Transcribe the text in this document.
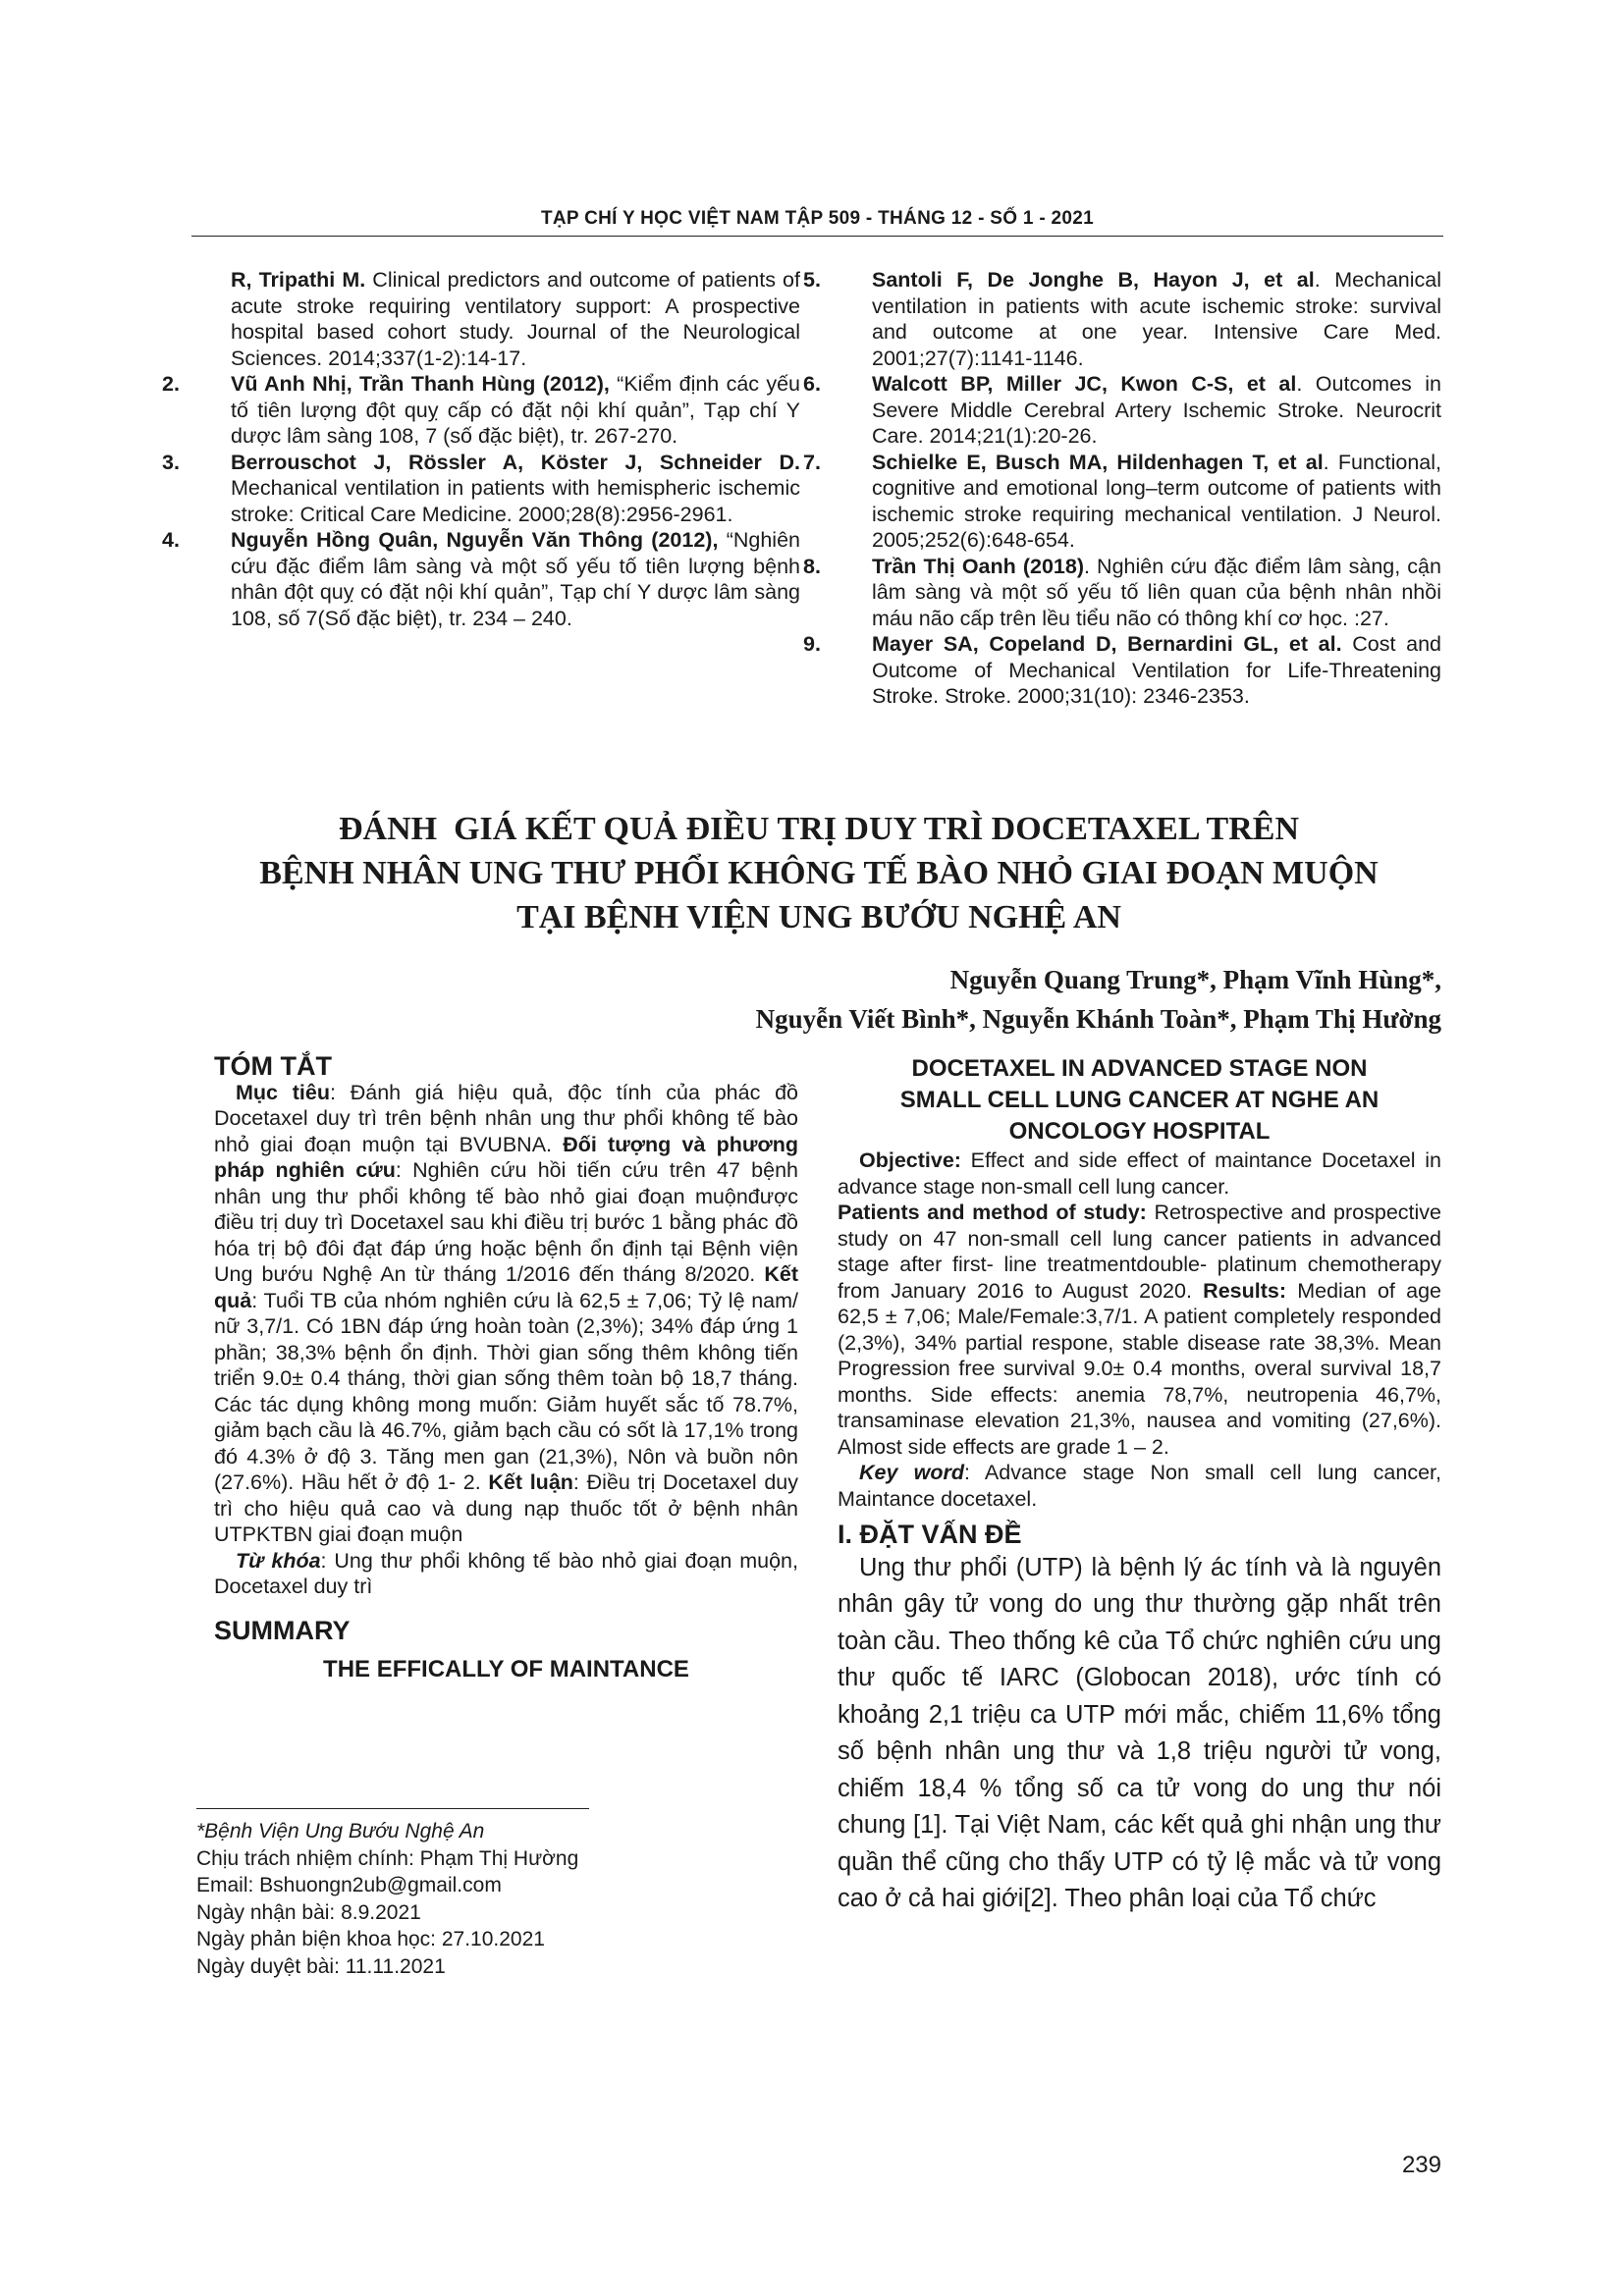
TẠP CHÍ Y HỌC VIỆT NAM TẬP 509 - THÁNG 12 - SỐ 1 - 2021
R, Tripathi M. Clinical predictors and outcome of patients of acute stroke requiring ventilatory support: A prospective hospital based cohort study. Journal of the Neurological Sciences. 2014;337(1-2):14-17.
2. Vũ Anh Nhị, Trần Thanh Hùng (2012), “Kiểm định các yếu tố tiên lượng đột quỵ cấp có đặt nội khí quản”, Tạp chí Y dược lâm sàng 108, 7 (số đặc biệt), tr. 267-270.
3. Berrouschot J, Rössler A, Köster J, Schneider D. Mechanical ventilation in patients with hemispheric ischemic stroke: Critical Care Medicine. 2000;28(8):2956-2961.
4. Nguyễn Hồng Quân, Nguyễn Văn Thông (2012), “Nghiên cứu đặc điểm lâm sàng và một số yếu tố tiên lượng bệnh nhân đột quỵ có đặt nội khí quản”, Tạp chí Y dược lâm sàng 108, số 7(Số đặc biệt), tr. 234 – 240.
5. Santoli F, De Jonghe B, Hayon J, et al. Mechanical ventilation in patients with acute ischemic stroke: survival and outcome at one year. Intensive Care Med. 2001;27(7):1141-1146.
6. Walcott BP, Miller JC, Kwon C-S, et al. Outcomes in Severe Middle Cerebral Artery Ischemic Stroke. Neurocrit Care. 2014;21(1):20-26.
7. Schielke E, Busch MA, Hildenhagen T, et al. Functional, cognitive and emotional long–term outcome of patients with ischemic stroke requiring mechanical ventilation. J Neurol. 2005;252(6):648-654.
8. Trần Thị Oanh (2018). Nghiên cứu đặc điểm lâm sàng, cận lâm sàng và một số yếu tố liên quan của bệnh nhân nhồi máu não cấp trên lều tiểu não có thông khí cơ học. :27.
9. Mayer SA, Copeland D, Bernardini GL, et al. Cost and Outcome of Mechanical Ventilation for Life-Threatening Stroke. Stroke. 2000;31(10): 2346-2353.
ĐÁNH  GIÁ KẾT QUẢ ĐIỀU TRỊ DUY TRÌ DOCETAXEL TRÊN
BỆNH NHÂN UNG THƯ PHỔI KHÔNG TẾ BÀO NHỎ GIAI ĐOẠN MUỘN
TẠI BỆNH VIỆN UNG BƯỚU NGHỆ AN
Nguyễn Quang Trung*, Phạm Vĩnh Hùng*,
Nguyễn Viết Bình*, Nguyễn Khánh Toàn*, Phạm Thị Hường
TÓM TẮT

Mục tiêu: Đánh giá hiệu quả, độc tính của phác đồ Docetaxel duy trì trên bệnh nhân ung thư phổi không tế bào nhỏ giai đoạn muộn tại BVUBNA. Đối tượng và phương pháp nghiên cứu: Nghiên cứu hồi tiến cứu trên 47 bệnh nhân ung thư phổi không tế bào nhỏ giai đoạn muộnđược điều trị duy trì Docetaxel sau khi điều trị bước 1 bằng phác đồ hóa trị bộ đôi đạt đáp ứng hoặc bệnh ổn định tại Bệnh viện Ung bướu Nghệ An từ tháng 1/2016 đến tháng 8/2020. Kết quả: Tuổi TB của nhóm nghiên cứu là 62,5 ± 7,06; Tỷ lệ nam/ nữ 3,7/1. Có 1BN đáp ứng hoàn toàn (2,3%); 34% đáp ứng 1 phần; 38,3% bệnh ổn định. Thời gian sống thêm không tiến triển 9.0± 0.4 tháng, thời gian sống thêm toàn bộ 18,7 tháng. Các tác dụng không mong muốn: Giảm huyết sắc tố 78.7%, giảm bạch cầu là 46.7%, giảm bạch cầu có sốt là 17,1% trong đó 4.3% ở độ 3. Tăng men gan (21,3%), Nôn và buồn nôn (27.6%). Hầu hết ở độ 1- 2. Kết luận: Điều trị Docetaxel duy trì cho hiệu quả cao và dung nạp thuốc tốt ở bệnh nhân UTPKTBN giai đoạn muộn

Từ khóa: Ung thư phổi không tế bào nhỏ giai đoạn muộn, Docetaxel duy trì

SUMMARY
THE EFFICALLY OF MAINTANCE
*Bệnh Viện Ung Bướu Nghệ An
Chịu trách nhiệm chính: Phạm Thị Hường
Email: Bshuongn2ub@gmail.com
Ngày nhận bài: 8.9.2021
Ngày phản biện khoa học: 27.10.2021
Ngày duyệt bài: 11.11.2021
DOCETAXEL IN ADVANCED STAGE NON
SMALL CELL LUNG CANCER AT NGHE AN
ONCOLOGY HOSPITAL

Objective: Effect and side effect of maintance Docetaxel in advance stage non-small cell lung cancer.

Patients and method of study: Retrospective and prospective study on 47 non-small cell lung cancer patients in advanced stage after first- line treatmentdouble- platinum chemotherapy from January 2016 to August 2020. Results: Median of age 62,5 ± 7,06; Male/Female:3,7/1. A patient completely responded (2,3%), 34% partial respone, stable disease rate 38,3%. Mean Progression free survival 9.0± 0.4 months, overal survival 18,7 months. Side effects: anemia 78,7%, neutropenia 46,7%, transaminase elevation 21,3%, nausea and vomiting (27,6%). Almost side effects are grade 1 – 2.

Key word: Advance stage Non small cell lung cancer, Maintance docetaxel.

I. ĐẶT VẤN ĐỀ

Ung thư phổi (UTP) là bệnh lý ác tính và là nguyên nhân gây tử vong do ung thư thường gặp nhất trên toàn cầu. Theo thống kê của Tổ chức nghiên cứu ung thư quốc tế IARC (Globocan 2018), ước tính có khoảng 2,1 triệu ca UTP mới mắc, chiếm 11,6% tổng số bệnh nhân ung thư và 1,8 triệu người tử vong, chiếm 18,4 % tổng số ca tử vong do ung thư nói chung [1]. Tại Việt Nam, các kết quả ghi nhận ung thư quần thể cũng cho thấy UTP có tỷ lệ mắc và tử vong cao ở cả hai giới[2]. Theo phân loại của Tổ chức

239
